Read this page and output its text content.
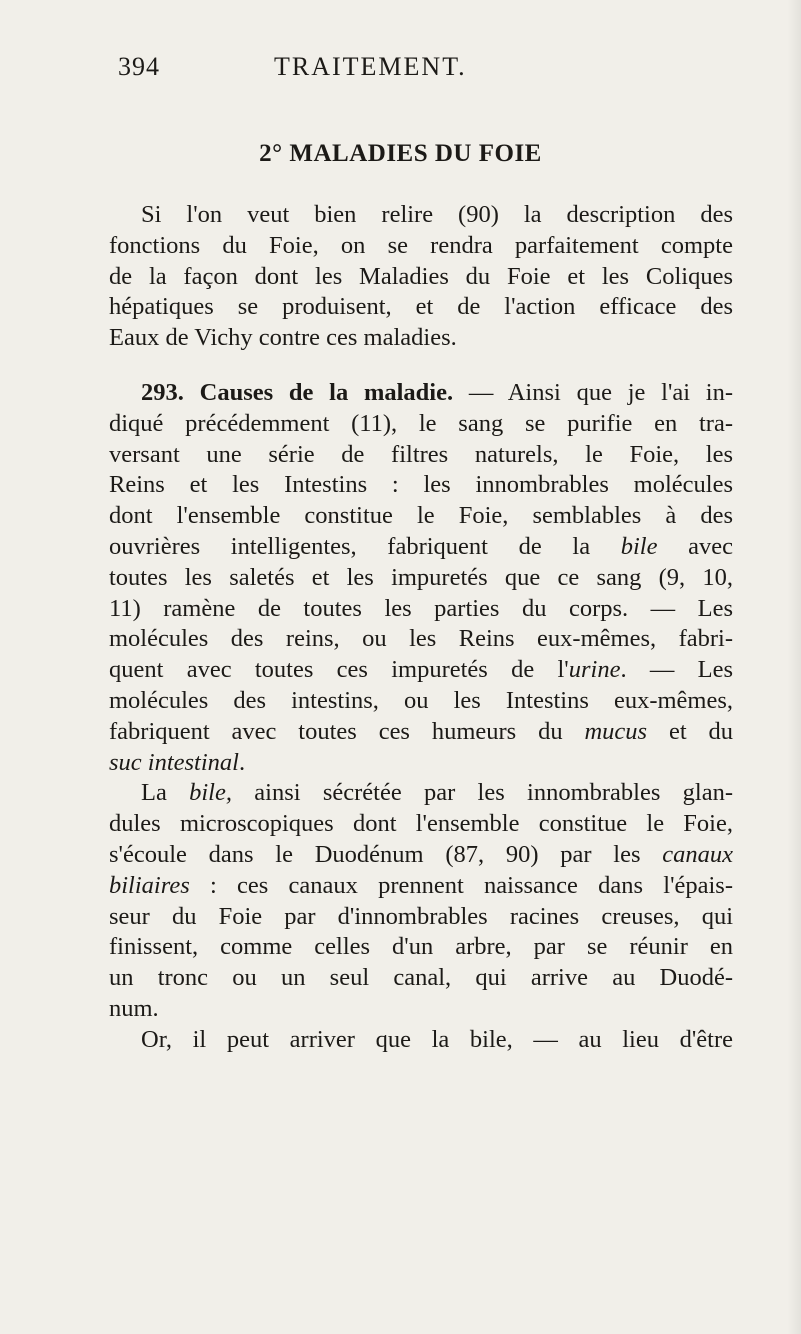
394	TRAITEMENT.
2° MALADIES DU FOIE
Si l'on veut bien relire (90) la description des
fonctions du Foie, on se rendra parfaitement compte
de la façon dont les Maladies du Foie et les Coliques
hépatiques se produisent, et de l'action efficace des
Eaux de Vichy contre ces maladies.
293. Causes de la maladie. — Ainsi que je l'ai in-
diqué précédemment (11), le sang se purifie en tra-
versant une série de filtres naturels, le Foie, les
Reins et les Intestins : les innombrables molécules
dont l'ensemble constitue le Foie, semblables à des
ouvrières intelligentes, fabriquent de la bile avec
toutes les saletés et les impuretés que ce sang (9, 10,
11) ramène de toutes les parties du corps. — Les
molécules des reins, ou les Reins eux-mêmes, fabri-
quent avec toutes ces impuretés de l'urine. — Les
molécules des intestins, ou les Intestins eux-mêmes,
fabriquent avec toutes ces humeurs du mucus et du
suc intestinal.
La bile, ainsi sécrétée par les innombrables glan-
dules microscopiques dont l'ensemble constitue le Foie,
s'écoule dans le Duodénum (87, 90) par les canaux
biliaires : ces canaux prennent naissance dans l'épais-
seur du Foie par d'innombrables racines creuses, qui
finissent, comme celles d'un arbre, par se réunir en
un tronc ou un seul canal, qui arrive au Duodé-
num.
Or, il peut arriver que la bile, — au lieu d'être
